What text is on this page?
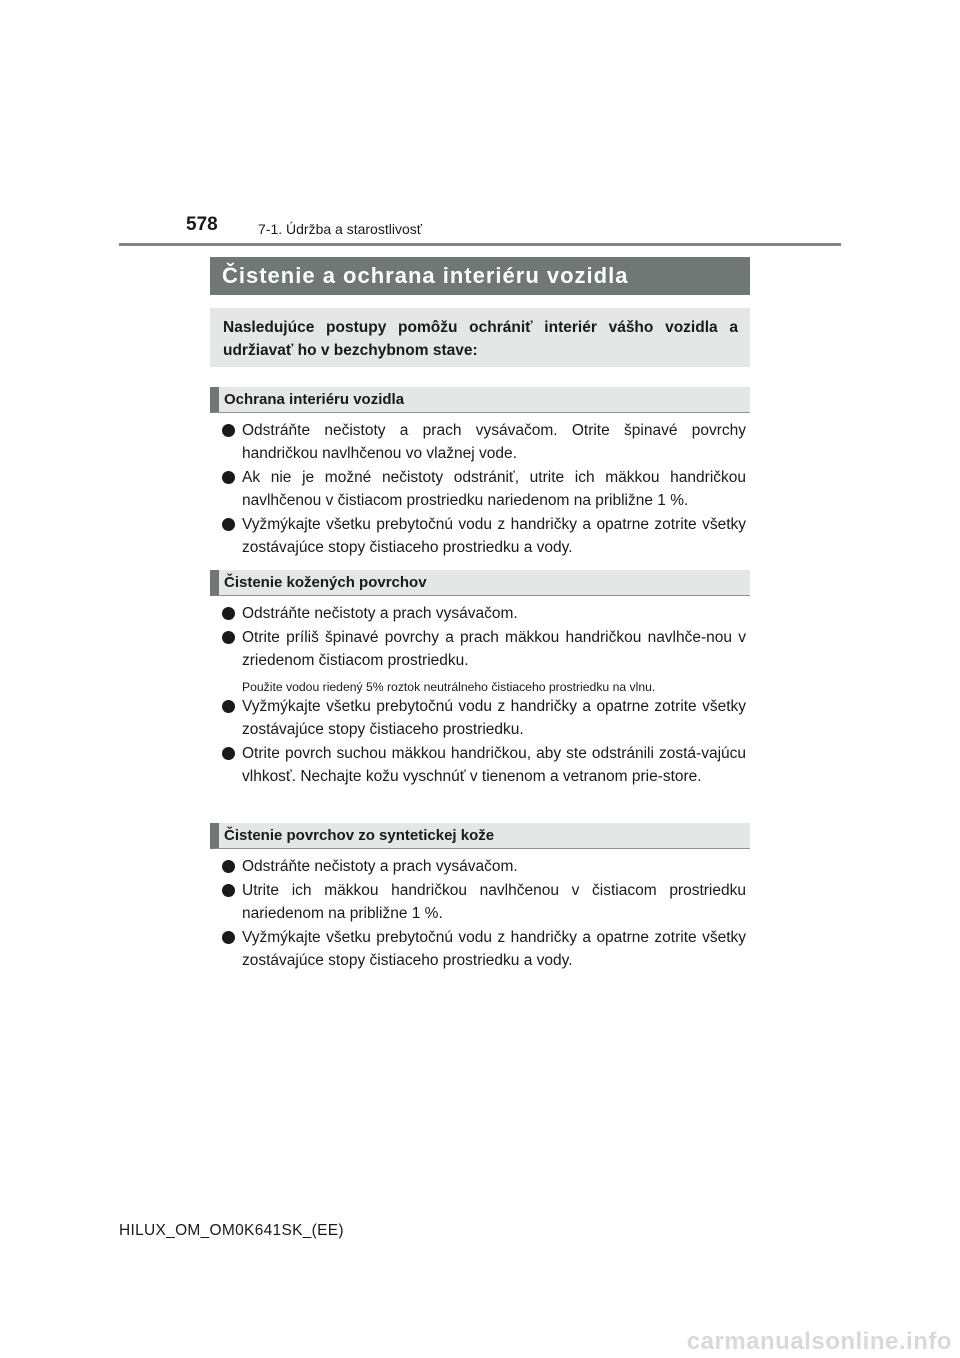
578	7-1. Údržba a starostlivosť
Čistenie a ochrana interiéru vozidla
Nasledujúce postupy pomôžu ochrániť interiér vášho vozidla a udržiavať ho v bezchybnom stave:
Ochrana interiéru vozidla
Odstráňte nečistoty a prach vysávačom. Otrite špinavé povrchy handričkou navlhčenou vo vlažnej vode.
Ak nie je možné nečistoty odstrániť, utrite ich mäkkou handričkou navlhčenou v čistiacom prostriedku nariedenom na približne 1 %.
Vyžmýkajte všetku prebytočnú vodu z handričky a opatrne zotrite všetky zostávajúce stopy čistiaceho prostriedku a vody.
Čistenie kožených povrchov
Odstráňte nečistoty a prach vysávačom.
Otrite príliš špinavé povrchy a prach mäkkou handričkou navlhče-nou v zriedenom čistiacom prostriedku.
Použite vodou riedený 5% roztok neutrálneho čistiaceho prostriedku na vlnu.
Vyžmýkajte všetku prebytočnú vodu z handričky a opatrne zotrite všetky zostávajúce stopy čistiaceho prostriedku.
Otrite povrch suchou mäkkou handričkou, aby ste odstránili zostá-vajúcu vlhkosť. Nechajte kožu vyschnúť v tienenom a vetranom prie-store.
Čistenie povrchov zo syntetickej kože
Odstráňte nečistoty a prach vysávačom.
Utrite ich mäkkou handričkou navlhčenou v čistiacom prostriedku nariedenom na približne 1 %.
Vyžmýkajte všetku prebytočnú vodu z handričky a opatrne zotrite všetky zostávajúce stopy čistiaceho prostriedku a vody.
HILUX_OM_OM0K641SK_(EE)
carmanualsonline.info
